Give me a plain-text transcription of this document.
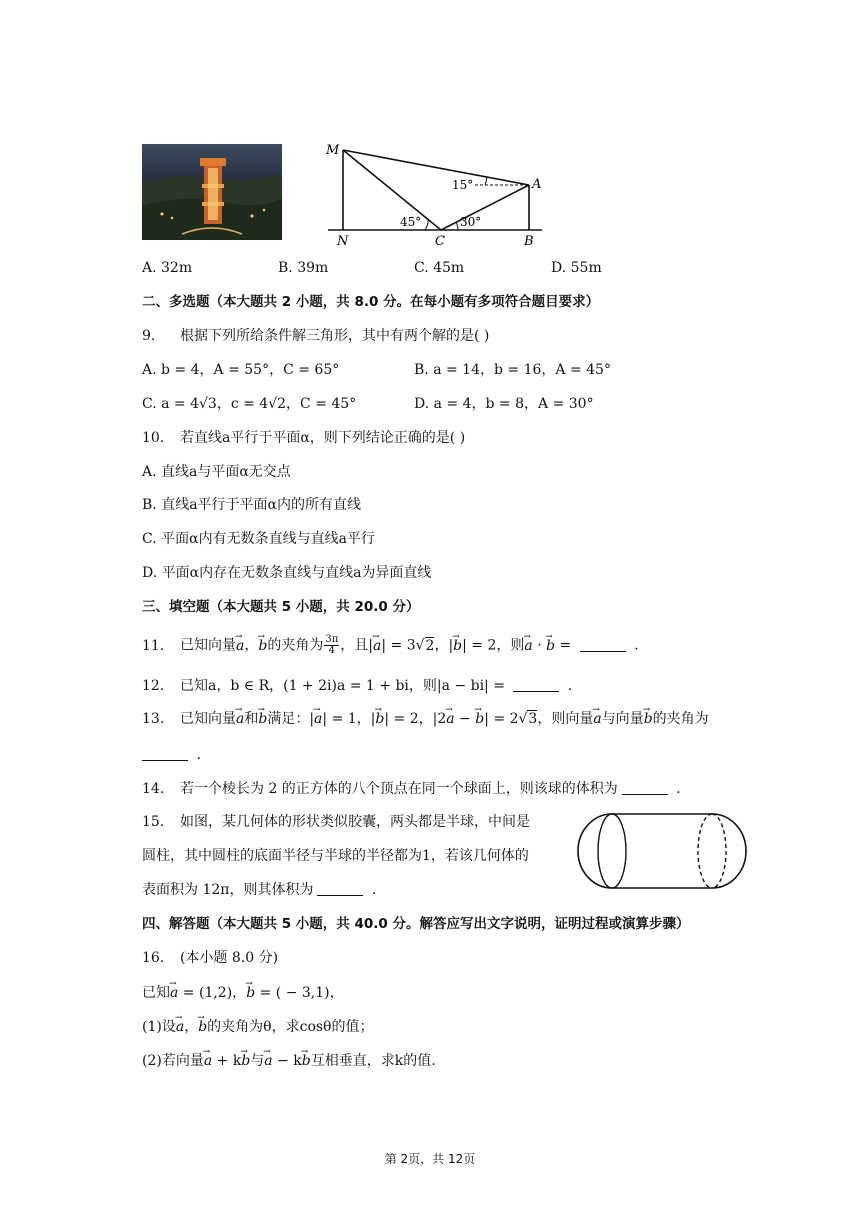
M
A
N	C	B
15°
45°	30°
A. 32m	B. 39m	C. 45m	D. 55m
二、多选题（本大题共 2 小题，共 8.0 分。在每小题有多项符合题目要求）
9. 根据下列所给条件解三角形，其中有两个解的是( )
A. b = 4，A = 55°，C = 65°	B. a = 14，b = 16，A = 45°
C. a = 4√3，c = 4√2，C = 45°	D. a = 4，b = 8，A = 30°
10. 若直线a平行于平面α，则下列结论正确的是( )
A. 直线a与平面α无交点
B. 直线a平行于平面α内的所有直线
C. 平面α内有无数条直线与直线a平行
D. 平面α内存在无数条直线与直线a为异面直线
三、填空题（本大题共 5 小题，共 20.0 分）
11. 已知向量→ a，→ b的夹角为 $\frac{3\pi}{4}$ ，且|→ a| = 3√2，|→ b| = 2，则→ a · → b =	.
12. 已知a，b ∈ R，(1 + 2i)a = 1 + bi，则|a − bi| =	.
13. 已知向量→ a和→ b满足：|→ a| = 1，|→ b| = 2，|2→ a − → b| = 2√3，则向量→ a与向量→ b的夹角为
.
14. 若一个棱长为 2 的正方体的八个顶点在同一个球面上，则该球的体积为	.
15. 如图，某几何体的形状类似胶囊，两头都是半球，中间是
圆柱，其中圆柱的底面半径与半球的半径都为1，若该几何体的
表面积为 12π，则其体积为	.
四、解答题（本大题共 5 小题，共 40.0 分。解答应写出文字说明，证明过程或演算步骤）
16. (本小题 8.0 分)
已知→ a = (1,2)，→ b = ( − 3,1)，
(1)设→ a，→ b的夹角为θ，求cosθ的值；
(2)若向量→ a + k→ b与→ a − k→ b互相垂直，求k的值.
第 2页，共 12页
